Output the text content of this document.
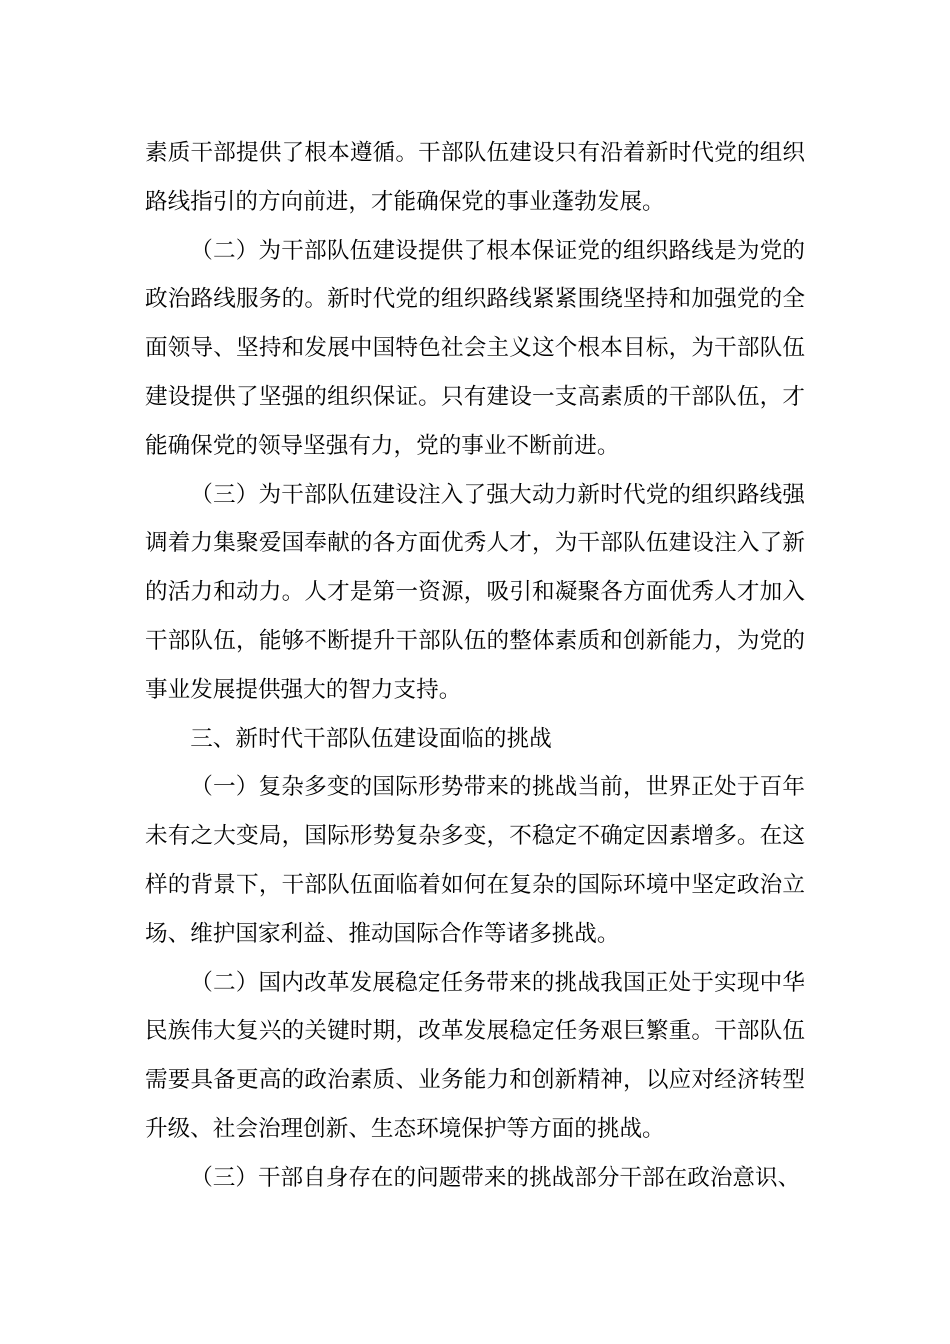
素质干部提供了根本遵循。干部队伍建设只有沿着新时代党的组织路线指引的方向前进，才能确保党的事业蓬勃发展。

（二）为干部队伍建设提供了根本保证党的组织路线是为党的政治路线服务的。新时代党的组织路线紧紧围绕坚持和加强党的全面领导、坚持和发展中国特色社会主义这个根本目标，为干部队伍建设提供了坚强的组织保证。只有建设一支高素质的干部队伍，才能确保党的领导坚强有力，党的事业不断前进。

（三）为干部队伍建设注入了强大动力新时代党的组织路线强调着力集聚爱国奉献的各方面优秀人才，为干部队伍建设注入了新的活力和动力。人才是第一资源，吸引和凝聚各方面优秀人才加入干部队伍，能够不断提升干部队伍的整体素质和创新能力，为党的事业发展提供强大的智力支持。

三、新时代干部队伍建设面临的挑战

（一）复杂多变的国际形势带来的挑战当前，世界正处于百年未有之大变局，国际形势复杂多变，不稳定不确定因素增多。在这样的背景下，干部队伍面临着如何在复杂的国际环境中坚定政治立场、维护国家利益、推动国际合作等诸多挑战。

（二）国内改革发展稳定任务带来的挑战我国正处于实现中华民族伟大复兴的关键时期，改革发展稳定任务艰巨繁重。干部队伍需要具备更高的政治素质、业务能力和创新精神，以应对经济转型升级、社会治理创新、生态环境保护等方面的挑战。

（三）干部自身存在的问题带来的挑战部分干部在政治意识、
